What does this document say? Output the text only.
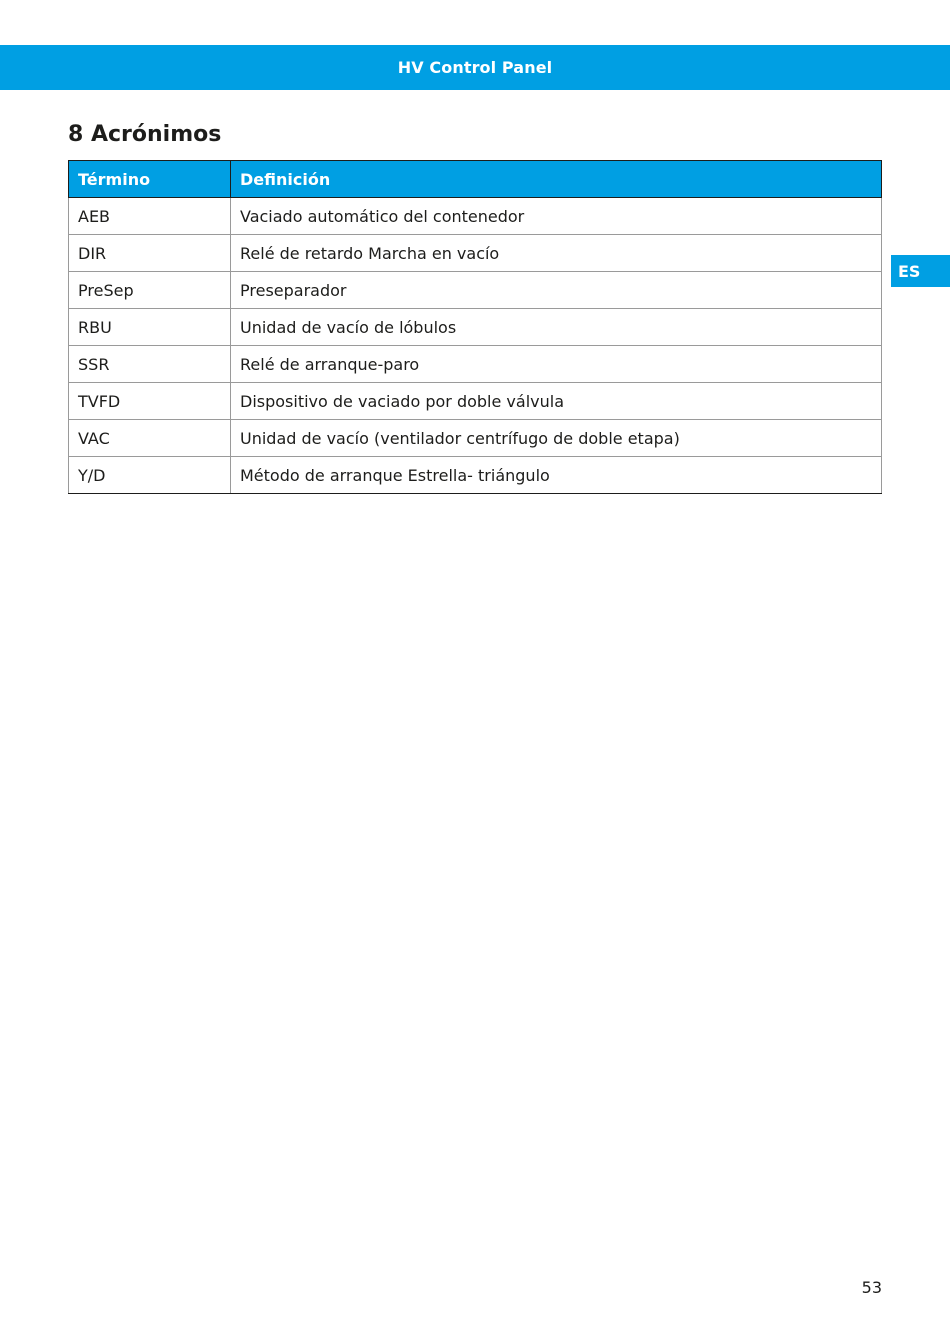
HV Control Panel
8 Acrónimos
ES
Término	Definición
AEB	Vaciado automático del contenedor
DIR	Relé de retardo Marcha en vacío
PreSep	Preseparador
RBU	Unidad de vacío de lóbulos
SSR	Relé de arranque-paro
TVFD	Dispositivo de vaciado por doble válvula
VAC	Unidad de vacío (ventilador centrífugo de doble etapa)
Y/D	Método de arranque Estrella- triángulo
53
